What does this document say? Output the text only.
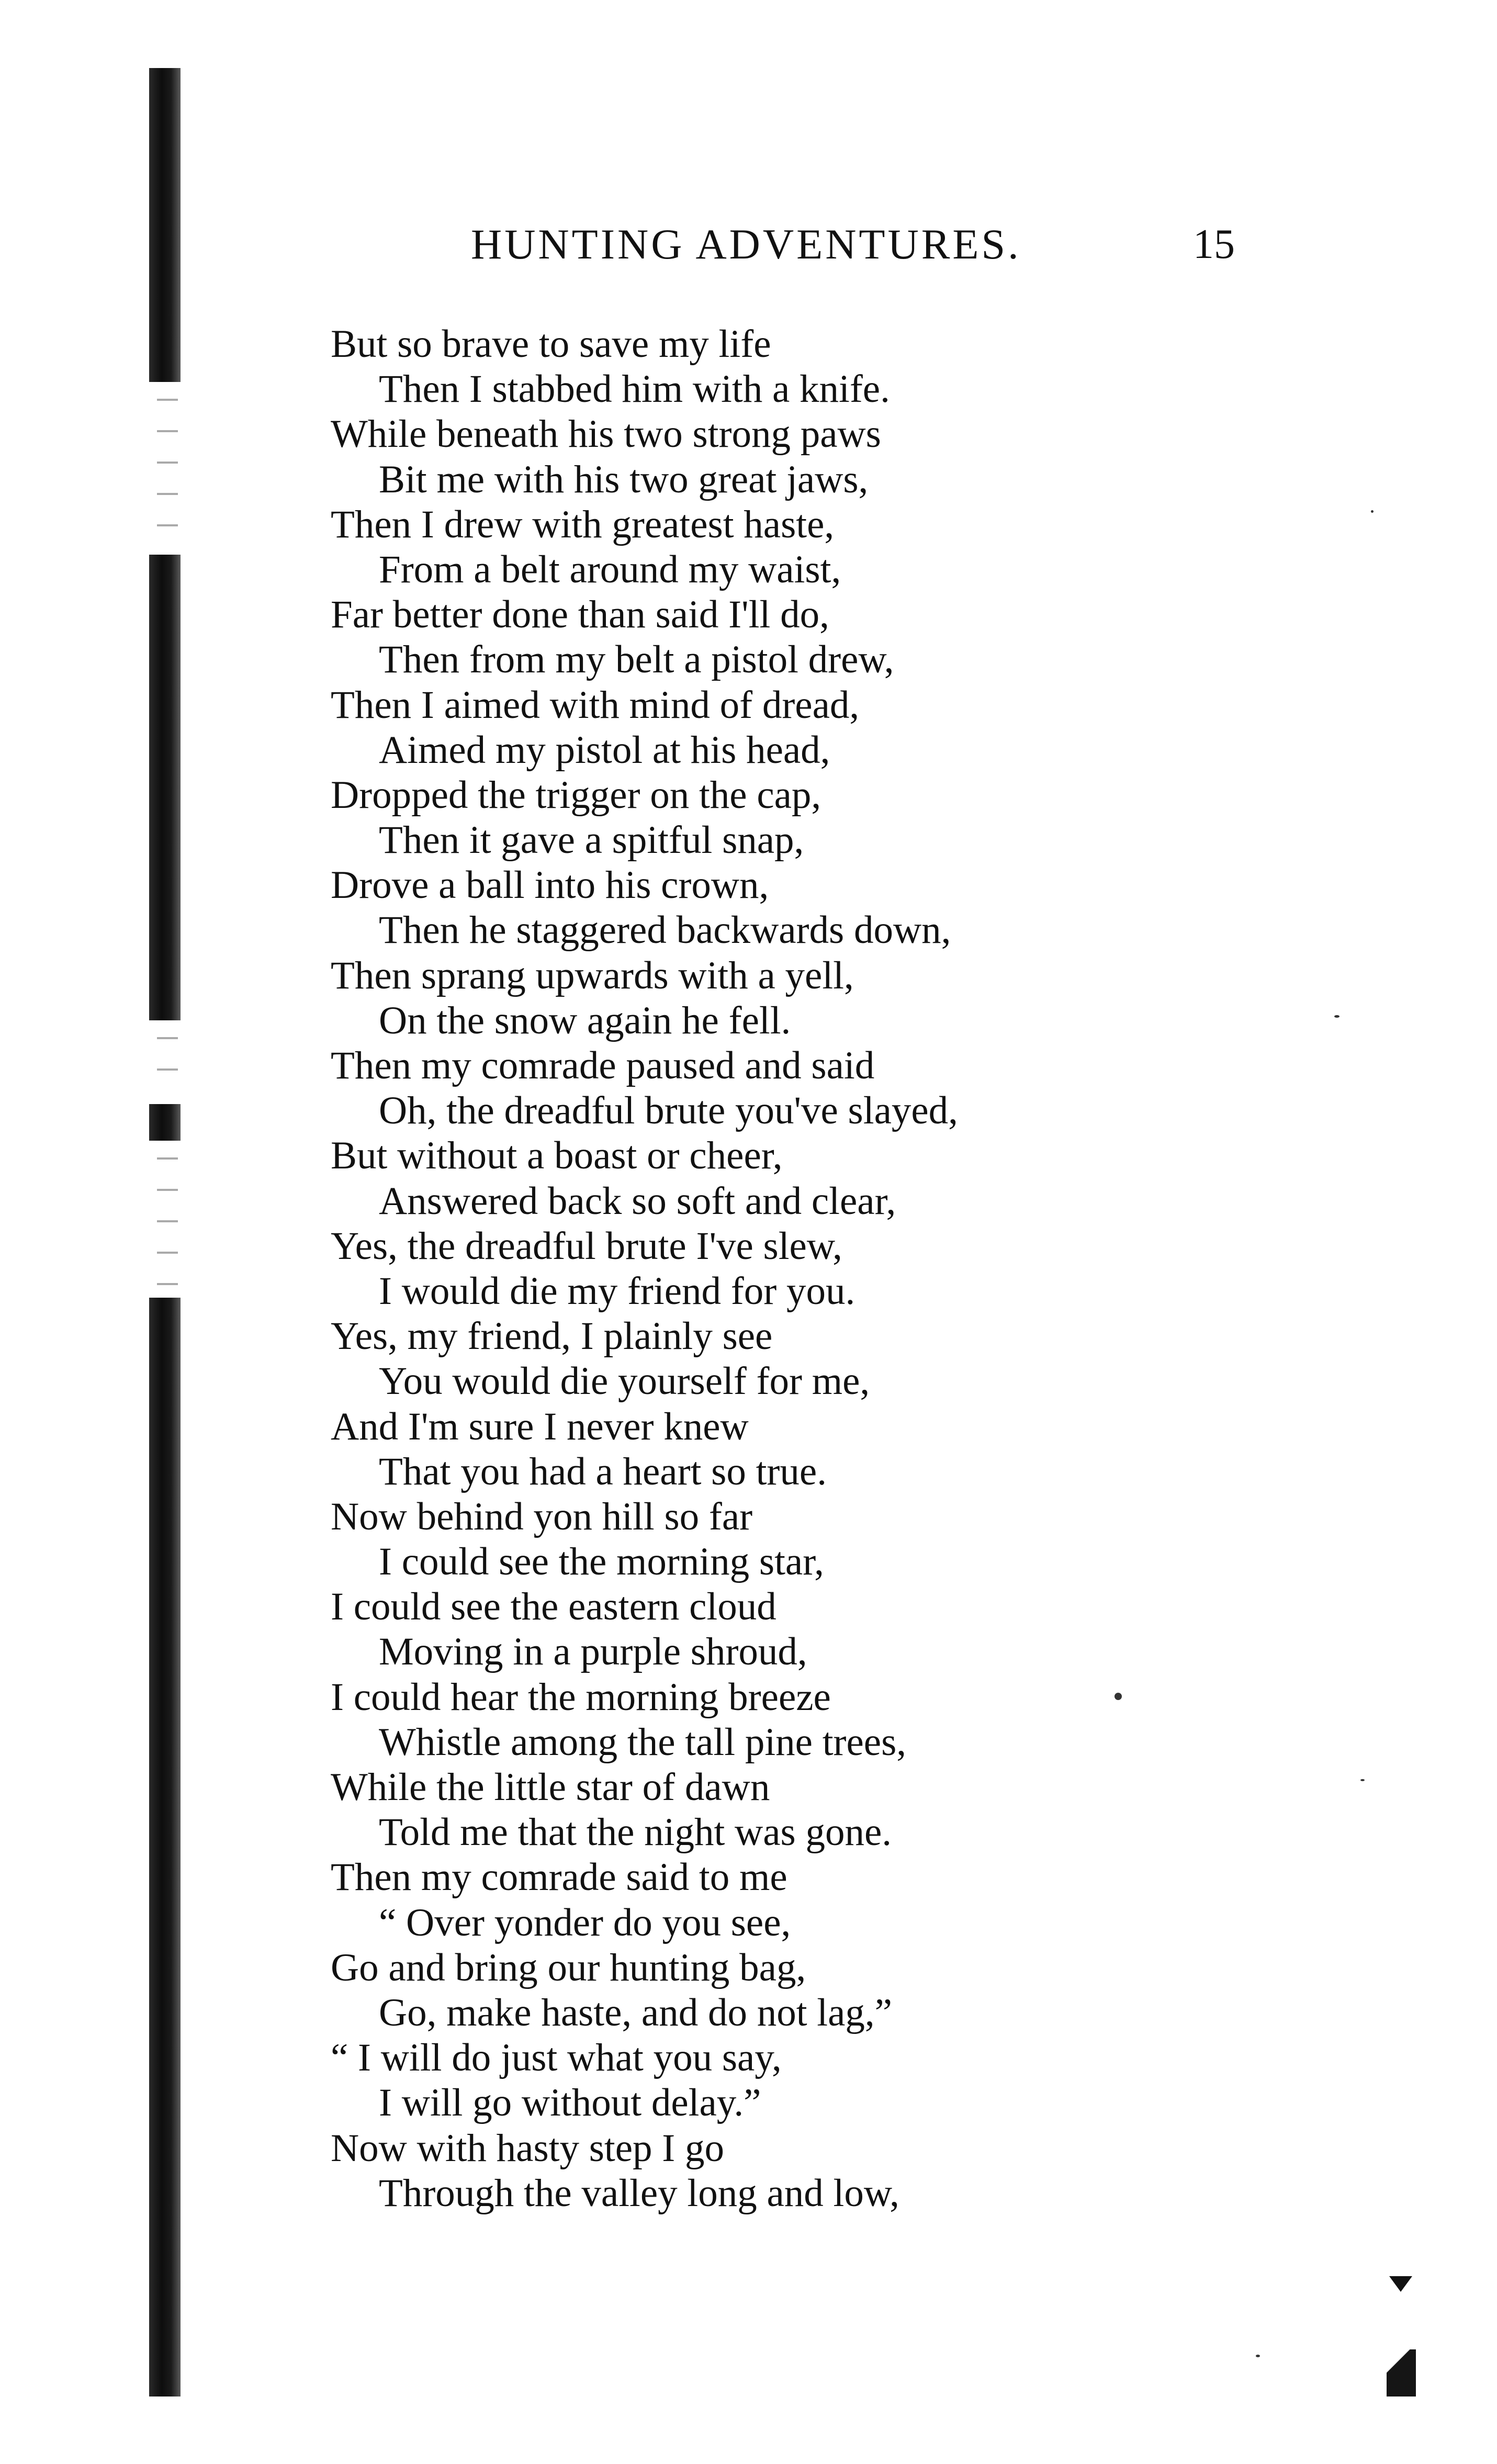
HUNTING ADVENTURES.	15
But so brave to save my life
Then I stabbed him with a knife.
While beneath his two strong paws
Bit me with his two great jaws,
Then I drew with greatest haste,
From a belt around my waist,
Far better done than said I'll do,
Then from my belt a pistol drew,
Then I aimed with mind of dread,
Aimed my pistol at his head,
Dropped the trigger on the cap,
Then it gave a spitful snap,
Drove a ball into his crown,
Then he staggered backwards down,
Then sprang upwards with a yell,
On the snow again he fell.
Then my comrade paused and said
Oh, the dreadful brute you've slayed,
But without a boast or cheer,
Answered back so soft and clear,
Yes, the dreadful brute I've slew,
I would die my friend for you.
Yes, my friend, I plainly see
You would die yourself for me,
And I'm sure I never knew
That you had a heart so true.
Now behind yon hill so far
I could see the morning star,
I could see the eastern cloud
Moving in a purple shroud,
I could hear the morning breeze
Whistle among the tall pine trees,
While the little star of dawn
Told me that the night was gone.
Then my comrade said to me
“ Over yonder do you see,
Go and bring our hunting bag,
Go, make haste, and do not lag,”
“ I will do just what you say,
I will go without delay.”
Now with hasty step I go
Through the valley long and low,
